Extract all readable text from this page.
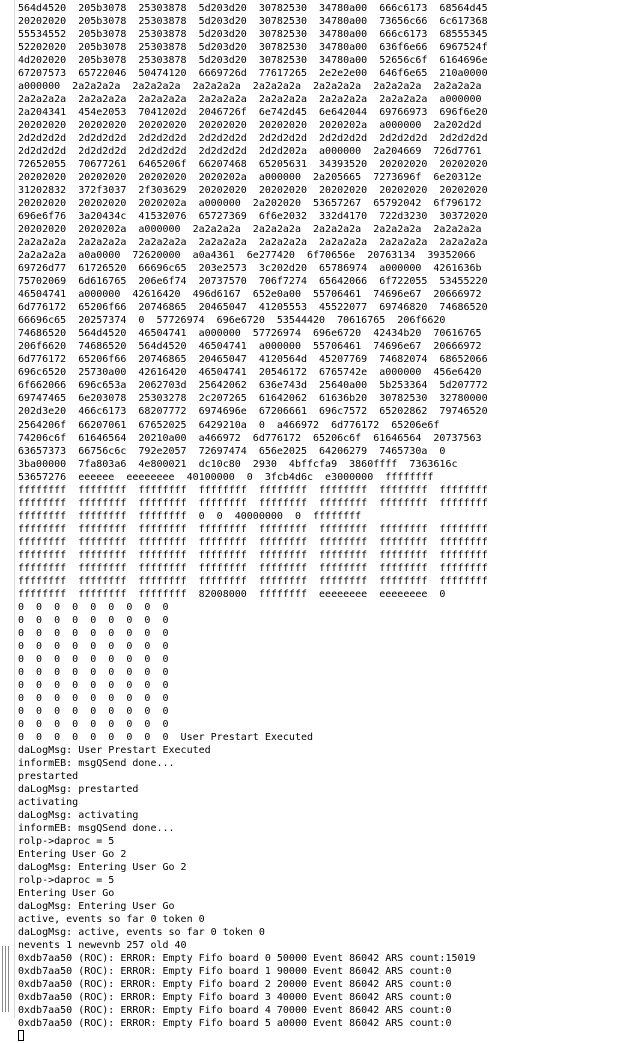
564d4520  205b3078  25303878  5d203d20  30782530  34780a00  666c6173  68564d45
20202020  205b3078  25303878  5d203d20  30782530  34780a00  73656c66  6c617368
55534552  205b3078  25303878  5d203d20  30782530  34780a00  666c6173  68555345
52202020  205b3078  25303878  5d203d20  30782530  34780a00  636f6e66  6967524f
4d202020  205b3078  25303878  5d203d20  30782530  34780a00  52656c6f  6164696e
67207573  65722046  50474120  6669726d  77617265  2e2e2e00  646f6e65  210a0000
a000000  2a2a2a2a  2a2a2a2a  2a2a2a2a  2a2a2a2a  2a2a2a2a  2a2a2a2a  2a2a2a2a
2a2a2a2a  2a2a2a2a  2a2a2a2a  2a2a2a2a  2a2a2a2a  2a2a2a2a  2a2a2a2a  a000000
2a204341  454e2053  7041202d  2046726f  6e742d45  6e642044  69766973  696f6e20
20202020  20202020  20202020  20202020  20202020  2020202a  a000000  2a202d2d
2d2d2d2d  2d2d2d2d  2d2d2d2d  2d2d2d2d  2d2d2d2d  2d2d2d2d  2d2d2d2d  2d2d2d2d
2d2d2d2d  2d2d2d2d  2d2d2d2d  2d2d2d2d  2d2d202a  a000000  2a204669  726d7761
72652055  70677261  6465206f  66207468  65205631  34393520  20202020  20202020
20202020  20202020  20202020  2020202a  a000000  2a205665  7273696f  6e20312e
31202832  372f3037  2f303629  20202020  20202020  20202020  20202020  20202020
20202020  20202020  2020202a  a000000  2a202020  53657267  65792042  6f796172
696e6f76  3a20434c  41532076  65727369  6f6e2032  332d4170  722d3230  30372020
20202020  2020202a  a000000  2a2a2a2a  2a2a2a2a  2a2a2a2a  2a2a2a2a  2a2a2a2a
2a2a2a2a  2a2a2a2a  2a2a2a2a  2a2a2a2a  2a2a2a2a  2a2a2a2a  2a2a2a2a  2a2a2a2a
2a2a2a2a  a0a0000  72620000  a0a4361  6e277420  6f70656e  20763134  39352066
69726d77  61726520  66696c65  203e2573  3c202d20  65786974  a000000  4261636b
75702069  6d616765  206e6f74  20737570  706f7274  65642066  6f722055  53455220
46504741  a000000  42616420  496d6167  652e0a00  55706461  74696e67  20666972
6d776172  65206f66  20746865  20465047  41205553  45522077  69746820  74686520
66696c65  20257374  0  57726974  696e6720  53544420  70616765  206f6620
74686520  564d4520  46504741  a000000  57726974  696e6720  42434b20  70616765
206f6620  74686520  564d4520  46504741  a000000  55706461  74696e67  20666972
6d776172  65206f66  20746865  20465047  4120564d  45207769  74682074  68652066
696c6520  25730a00  42616420  46504741  20546172  6765742e  a000000  456e6420
6f662066  696c653a  2062703d  25642062  636e743d  25640a00  5b253364  5d207772
69747465  6e203078  25303278  2c207265  61642062  61636b20  30782530  32780000
202d3e20  466c6173  68207772  6974696e  67206661  696c7572  65202862  79746520
2564206f  66207061  67652025  6429210a  0  a466972  6d776172  65206e6f
74206c6f  61646564  20210a00  a466972  6d776172  65206c6f  61646564  20737563
63657373  66756c6c  792e2057  72697474  656e2025  64206279  7465730a  0
3ba00000  7fa803a6  4e800021  dc10c80  2930  4bffcfa9  3860ffff  7363616c
53657276  eeeeee  eeeeeeee  40100000  0  3fcb4d6c  e3000000  ffffffff
ffffffff  ffffffff  ffffffff  ffffffff  ffffffff  ffffffff  ffffffff  ffffffff
ffffffff  ffffffff  ffffffff  ffffffff  ffffffff  ffffffff  ffffffff  ffffffff
ffffffff  ffffffff  ffffffff  0  0  40000000  0  ffffffff
ffffffff  ffffffff  ffffffff  ffffffff  ffffffff  ffffffff  ffffffff  ffffffff
ffffffff  ffffffff  ffffffff  ffffffff  ffffffff  ffffffff  ffffffff  ffffffff
ffffffff  ffffffff  ffffffff  ffffffff  ffffffff  ffffffff  ffffffff  ffffffff
ffffffff  ffffffff  ffffffff  ffffffff  ffffffff  ffffffff  ffffffff  ffffffff
ffffffff  ffffffff  ffffffff  ffffffff  ffffffff  ffffffff  ffffffff  ffffffff
ffffffff  ffffffff  ffffffff  82008000  ffffffff  eeeeeeee  eeeeeeee  0
0  0  0  0  0  0  0  0  0
0  0  0  0  0  0  0  0  0
0  0  0  0  0  0  0  0  0
0  0  0  0  0  0  0  0  0
0  0  0  0  0  0  0  0  0
0  0  0  0  0  0  0  0  0
0  0  0  0  0  0  0  0  0
0  0  0  0  0  0  0  0  0
0  0  0  0  0  0  0  0  0
0  0  0  0  0  0  0  0  0
0  0  0  0  0  0  0  0  0  User Prestart Executed
daLogMsg: User Prestart Executed
informEB: msgQSend done...
prestarted
daLogMsg: prestarted
activating
daLogMsg: activating
informEB: msgQSend done...
rolp->daproc = 5
Entering User Go 2
daLogMsg: Entering User Go 2
rolp->daproc = 5
Entering User Go
daLogMsg: Entering User Go
active, events so far 0 token 0
daLogMsg: active, events so far 0 token 0
nevents 1 newevnb 257 old 40
0xdb7aa50 (ROC): ERROR: Empty Fifo board 0 50000 Event 86042 ARS count:15019
0xdb7aa50 (ROC): ERROR: Empty Fifo board 1 90000 Event 86042 ARS count:0
0xdb7aa50 (ROC): ERROR: Empty Fifo board 2 20000 Event 86042 ARS count:0
0xdb7aa50 (ROC): ERROR: Empty Fifo board 3 40000 Event 86042 ARS count:0
0xdb7aa50 (ROC): ERROR: Empty Fifo board 4 70000 Event 86042 ARS count:0
0xdb7aa50 (ROC): ERROR: Empty Fifo board 5 a0000 Event 86042 ARS count:0
